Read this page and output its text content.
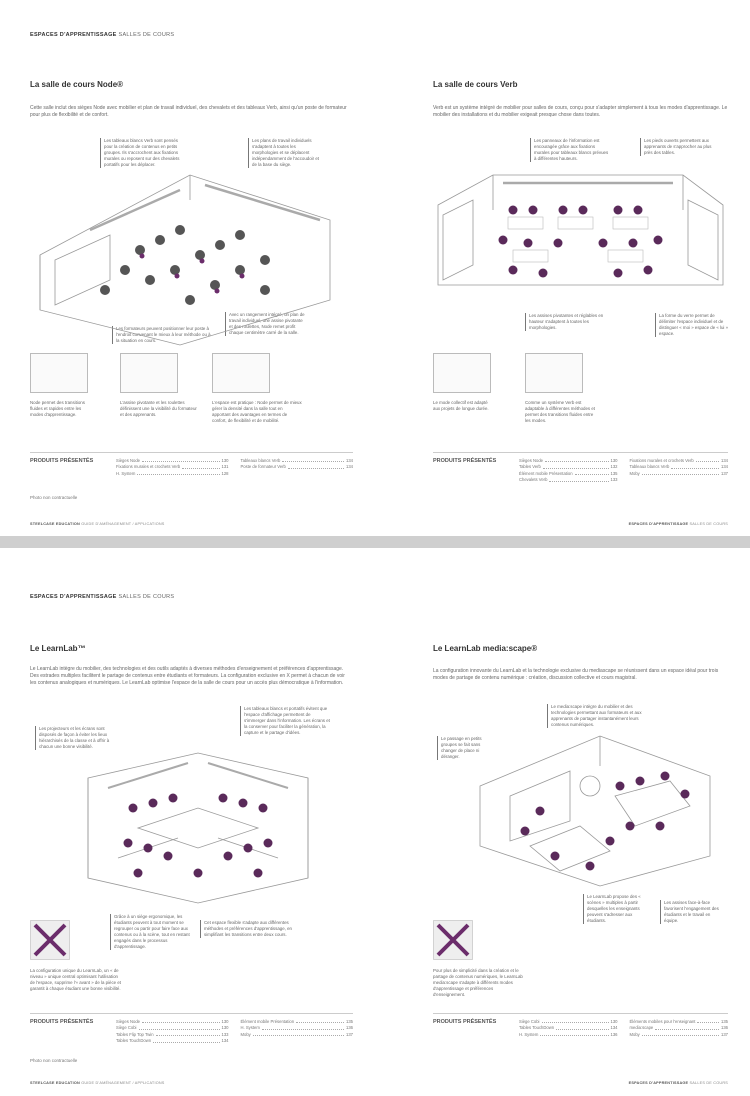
ESPACES D'APPRENTISSAGE SALLES DE COURS
La salle de cours Node®
Cette salle inclut des sièges Node avec mobilier et plan de travail individuel, des chevalets et des tableaux Verb, ainsi qu'un poste de formateur pour plus de flexibilité et de confort.
Les tableaux blancs Verb sont pensés pour la création de contenus en petits groupes. Ils s'accrochent aux fixations murales ou reposent sur des chevalets portatifs pour les déplacer.
Les plans de travail individuels s'adaptent à toutes les morphologies et se déplacent indépendamment de l'accoudoir et de la base du siège.
Les formateurs peuvent positionner leur poste à l'endroit convenant le mieux à leur méthode ou à la situation en cours.
Avec un rangement intégré, un plan de travail individuel, une assise pivotante et des roulettes, Node remet profit chaque centimètre carré de la salle.
Node permet des transitions fluides et rapides entre les modes d'apprentissage.
L'assise pivotante et les roulettes définissent une la visibilité du formateur et des apprenants.
L'espace est pratique : Node permet de mieux gérer la densité dans la salle tout en apportant des avantages en termes de confort, de flexibilité et de mobilité.
PRODUITS PRÉSENTÉS	Sièges Node	130
Fixations murales et crochets Verb	131
H. System	128
Tableaux blancs Verb	134
Poste de formateur Verb	134
Photo non contractuelle
STEELCASE EDUCATION GUIDE D'AMÉNAGEMENT / APPLICATIONS
La salle de cours Verb
Verb est un système intégré de mobilier pour salles de cours, conçu pour s'adapter simplement à tous les modes d'apprentissage. Le mobilier des installations et du mobilier exigeait presque chose dans toutes.
Les panneaux de l'information est encouragée grâce aux fixations murales pour tableaux blancs prévues à différentes hauteurs.
Les pieds ouverts permettent aux apprenants de s'approcher au plus près des tables.
Les assises pivotantes et réglables en hauteur s'adaptent à toutes les morphologies.
La forme du verre permet de délimiter l'espace individuel et de distinguer « moi » espace de « lui » espace.
Le mode collectif est adapté aux projets de longue durée.
Comme un système Verb est adaptable à différentes méthodes et permet des transitions fluides entre les modes.
PRODUITS PRÉSENTÉS	Sièges Node	130
Tables Verb	132
Élément mobile Présentation	135
Chevalets Verb	133
Fixations murales et crochets Verb	134
Tableaux blancs Verb	134
Moby	137
ESPACES D'APPRENTISSAGE SALLES DE COURS
ESPACES D'APPRENTISSAGE SALLES DE COURS
Le LearnLab™
Le LearnLab intègre du mobilier, des technologies et des outils adaptés à diverses méthodes d'enseignement et préférences d'apprentissage. Des estrades multiples facilitent le partage de contenus entre étudiants et formateurs. La configuration exclusive en X permet à chacun de voir les contenus analogiques et numériques. Le LearnLab optimise l'espace de la salle de cours pour un accès plus démocratique à l'information.
Les projecteurs et les écrans sont disposés de façon à éviter les lieux hiérarchisés de la classe et à offrir à chacun une bonne visibilité.
Les tableaux blancs et portatifs évitent que l'espace d'affichage permettent de s'immerger dans l'information. Les écrans et la conserver pour faciliter la génération, la capture et le partage d'idées.
Grâce à un siège ergonomique, les étudiants peuvent à tout moment se regrouper ou partir pour faire face aux contenus ou à la scène, tout en restant engagés dans le processus d'apprentissage.
Cet espace flexible s'adapte aux différentes méthodes et préférences d'apprentissage, en simplifiant les transitions entre deux cours.
La configuration unique du LearnLab, un « de niveau » unique central optimisant l'utilisation de l'espace, supprime l'« avant » de la pièce et garantit à chaque étudiant une bonne visibilité.
PRODUITS PRÉSENTÉS	Sièges Node	130
Siège Cobi	130
Tables Flip Top Twin	133
Tables TouchDown	134
Élément mobile Présentation	135
H. System	136
Moby	137
Photo non contractuelle
STEELCASE EDUCATION GUIDE D'AMÉNAGEMENT / APPLICATIONS
Le LearnLab media:scape®
La configuration innovante du LearnLab et la technologie exclusive du mediascape se réunissent dans un espace idéal pour trois modes de partage de contenu numérique : création, discussion collective et cours magistral.
Le media:scape intègre du mobilier et des technologies permettant aux formateurs et aux apprenants de partager instantanément leurs contenus numériques.
Le passage en petits groupes se fait sans changer de place ni déranger.
Le LearnLab propose des « scènes » multiples à partir desquelles les enseignants peuvent s'adresser aux étudiants.
Les assises face-à-face favorisent l'engagement des étudiants et le travail en équipe.
Pour plus de simplicité dans la création et le partage de contenus numériques, le LearnLab media:scape s'adapte à différents modes d'apprentissage et préférences d'enseignement.
PRODUITS PRÉSENTÉS	Siège Cobi	130
Tables TouchDown	134
H. System	136
Éléments mobiles pour l'enseignant	135
media:scape	136
Moby	137
ESPACES D'APPRENTISSAGE SALLES DE COURS
